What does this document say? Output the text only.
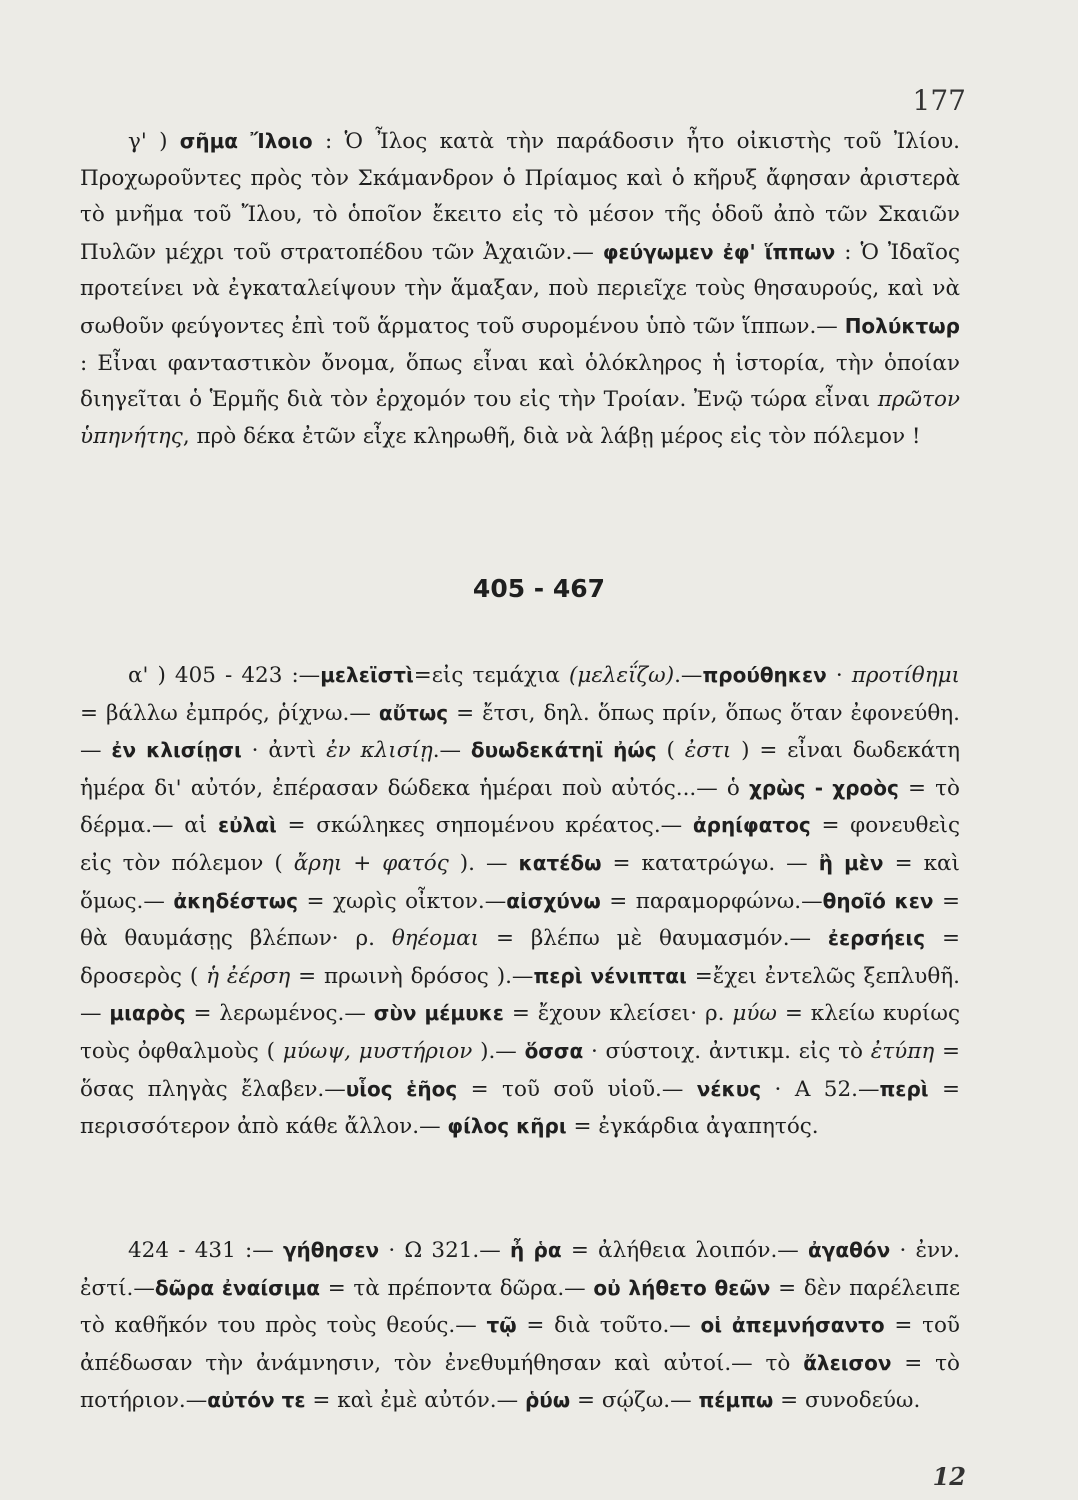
177

γ' ) σῆμα Ἴλοιο : Ὁ Ἶλος κατὰ τὴν παράδοσιν ἦτο οἰκιστὴς τοῦ Ἰλίου. Προχωροῦντες πρὸς τὸν Σκάμανδρον ὁ Πρίαμος καὶ ὁ κῆρυξ ἄφησαν ἀριστερὰ τὸ μνῆμα τοῦ Ἴλου, τὸ ὁποῖον ἔκειτο εἰς τὸ μέσον τῆς ὁδοῦ ἀπὸ τῶν Σκαιῶν Πυλῶν μέχρι τοῦ στρατοπέδου τῶν Ἀχαιῶν.— φεύγωμεν ἐφ' ἵππων : Ὁ Ἰδαῖος προτείνει νὰ ἐγκαταλείψουν τὴν ἅμαξαν, ποὺ περιεῖχε τοὺς θησαυρούς, καὶ νὰ σωθοῦν φεύγοντες ἐπὶ τοῦ ἅρματος τοῦ συρομένου ὑπὸ τῶν ἵππων.— Πολύκτωρ : Εἶναι φανταστικὸν ὄνομα, ὅπως εἶναι καὶ ὁλόκληρος ἡ ἱστορία, τὴν ὁποίαν διηγεῖται ὁ Ἑρμῆς διὰ τὸν ἐρχομόν του εἰς τὴν Τροίαν. Ἐνῷ τώρα εἶναι πρῶτον ὑπηνήτης, πρὸ δέκα ἐτῶν εἶχε κληρωθῆ, διὰ νὰ λάβῃ μέρος εἰς τὸν πόλεμον !

405 - 467

α' ) 405 - 423 :—μελεϊστὶ=εἰς τεμάχια (μελεΐζω).—προύθηκεν · προτίθημι = βάλλω ἐμπρός, ῥίχνω.— αὔτως = ἔτσι, δηλ. ὅπως πρίν, ὅπως ὅταν ἐφονεύθη.— ἐν κλισίῃσι · ἀντὶ ἐν κλισίῃ.— δυωδεκάτηϊ ἠώς ( ἐστι ) = εἶναι δωδεκάτη ἡμέρα δι' αὐτόν, ἐπέρασαν δώδεκα ἡμέραι ποὺ αὐτός...— ὁ χρὼς - χροὸς = τὸ δέρμα.— αἱ εὐλαὶ = σκώληκες σηπομένου κρέατος.— ἀρηίφατος = φονευθεὶς εἰς τὸν πόλεμον ( ἄρηι + φατός ). — κατέδω = κατατρώγω. — ἢ μὲν = καὶ ὅμως.— ἀκηδέστως = χωρὶς οἶκτον.—αἰσχύνω = παραμορφώνω.—θηοῖό κεν = θὰ θαυμάσῃς βλέπων· ρ. θηέομαι = βλέπω μὲ θαυμασμόν.— ἐερσήεις = δροσερὸς ( ἡ ἐέρση = πρωινὴ δρόσος ).—περὶ νένιπται =ἔχει ἐντελῶς ξεπλυθῆ.— μιαρὸς = λερωμένος.— σὺν μέμυκε = ἔχουν κλείσει· ρ. μύω = κλείω κυρίως τοὺς ὀφθαλμοὺς ( μύωψ, μυστήριον ).— ὅσσα · σύστοιχ. ἀντικμ. εἰς τὸ ἐτύπη = ὅσας πληγὰς ἔλαβεν.—υἷος ἑῆος = τοῦ σοῦ υἱοῦ.— νέκυς · Α 52.—περὶ = περισσότερον ἀπὸ κάθε ἄλλον.— φίλος κῆρι = ἐγκάρδια ἀγαπητός.

424 - 431 :— γήθησεν · Ω 321.— ἦ ῥα = ἀλήθεια λοιπόν.— ἀγαθόν · ἐνν. ἐστί.—δῶρα ἐναίσιμα = τὰ πρέποντα δῶρα.— οὐ λήθετο θεῶν = δὲν παρέλειπε τὸ καθῆκόν του πρὸς τοὺς θεούς.— τῷ = διὰ τοῦτο.— οἱ ἀπεμνήσαντο = τοῦ ἀπέδωσαν τὴν ἀνάμνησιν, τὸν ἐνεθυμήθησαν καὶ αὐτοί.— τὸ ἄλεισον = τὸ ποτήριον.—αὐτόν τε = καὶ ἐμὲ αὐτόν.— ῥύω = σῴζω.— πέμπω = συνοδεύω.

12
